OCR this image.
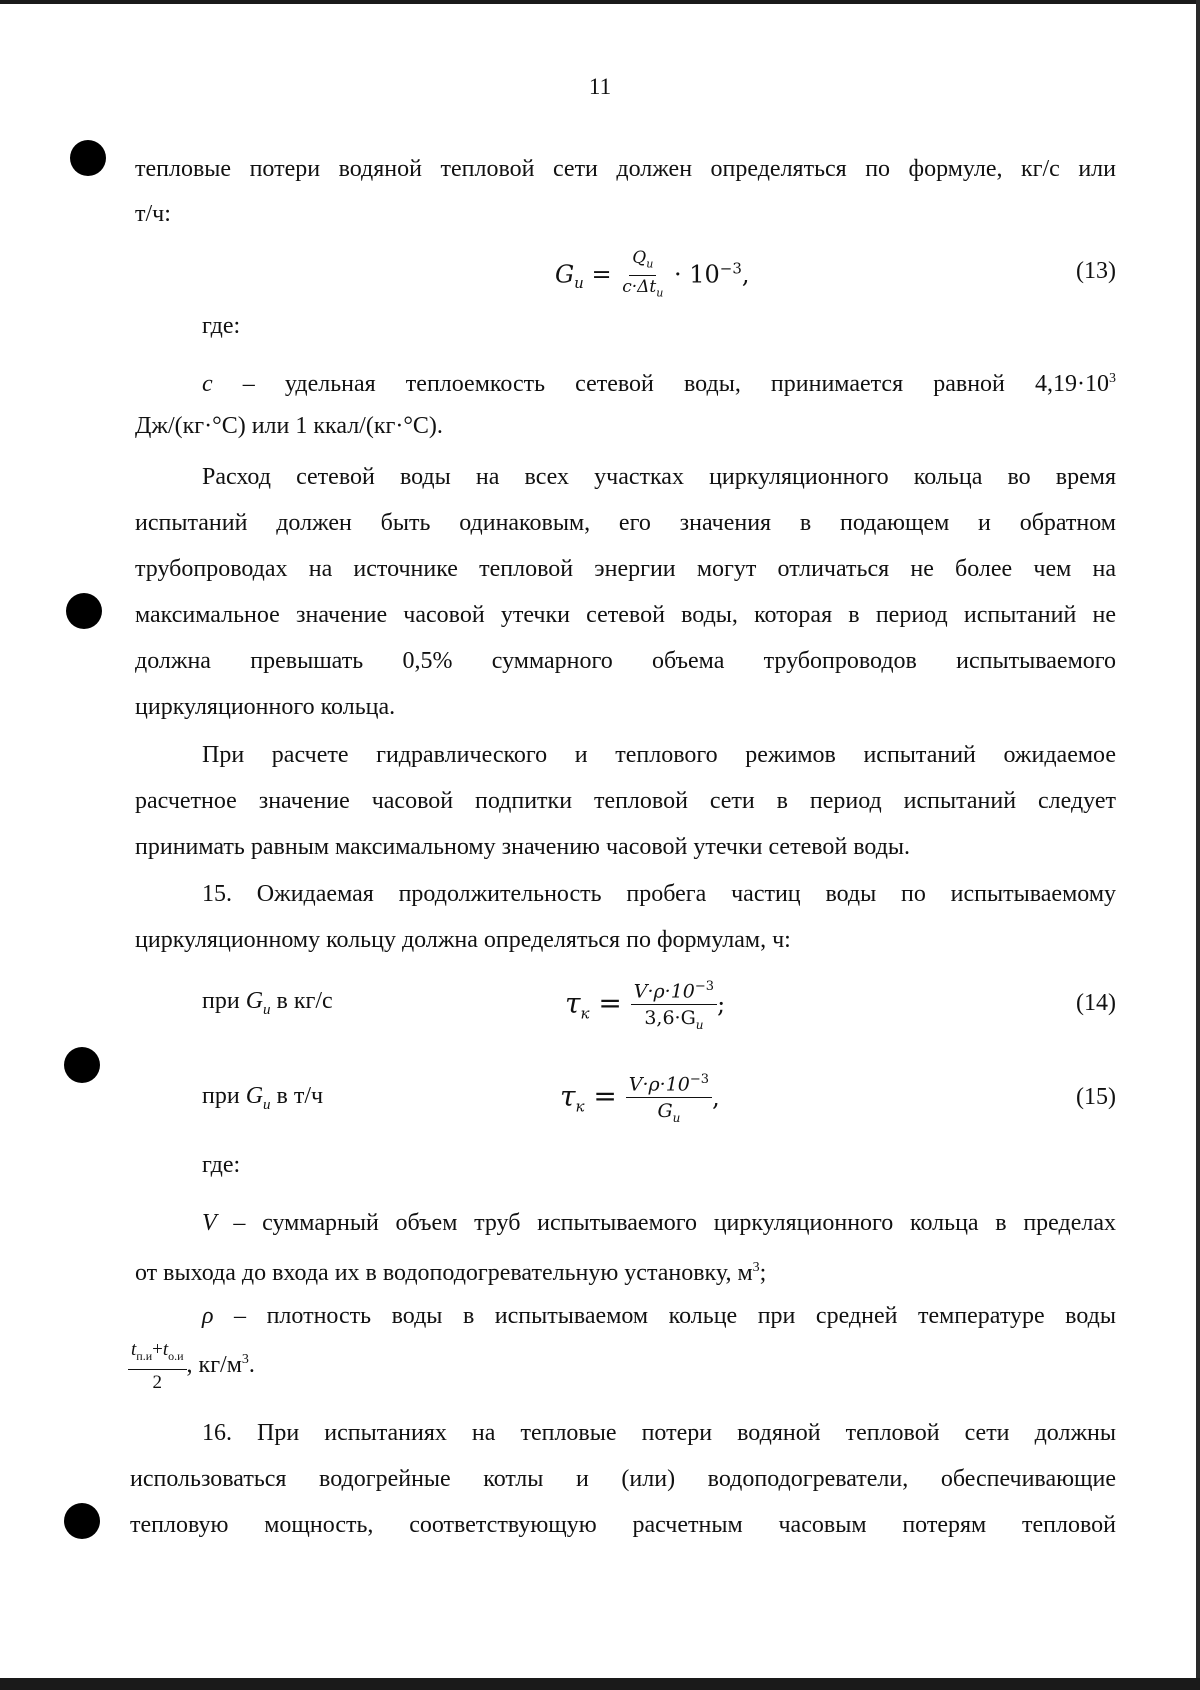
11
тепловые потери водяной тепловой сети должен определяться по формуле, кг/с или
т/ч:
$G_и = \frac{Q_и}{c\cdot\Delta t_и} \cdot 10^{-3}$,	(13)
где:
с – удельная теплоемкость сетевой воды, принимается равной $4,19\cdot 10^3$
Дж/(кг·°С) или 1 ккал/(кг·°С).
Расход сетевой воды на всех участках циркуляционного кольца во время
испытаний должен быть одинаковым, его значения в подающем и обратном
трубопроводах на источнике тепловой энергии могут отличаться не более чем на
максимальное значение часовой утечки сетевой воды, которая в период испытаний не
должна превышать 0,5% суммарного объема трубопроводов испытываемого
циркуляционного кольца.
При расчете гидравлического и теплового режимов испытаний ожидаемое
расчетное значение часовой подпитки тепловой сети в период испытаний следует
принимать равным максимальному значению часовой утечки сетевой воды.
15. Ожидаемая продолжительность пробега частиц воды по испытываемому
циркуляционному кольцу должна определяться по формулам, ч:
при $G_и$ в кг/с	$\tau_к = \frac{V\cdot\rho\cdot 10^{-3}}{3,6\cdot G_и}$ ;	(14)
при $G_и$ в т/ч	$\tau_к = \frac{V\cdot\rho\cdot 10^{-3}}{G_и}$ ,	(15)
где:
V – суммарный объем труб испытываемого циркуляционного кольца в пределах
от выхода до входа их в водоподогревательную установку, $м^3$;
ρ – плотность воды в испытываемом кольце при средней температуре воды
$\frac{t_{п.и}+t_{о.и}}{2}$ , $кг/м^3$.
16. При испытаниях на тепловые потери водяной тепловой сети должны
использоваться водогрейные котлы и (или) водоподогреватели, обеспечивающие
тепловую мощность, соответствующую расчетным часовым потерям тепловой
